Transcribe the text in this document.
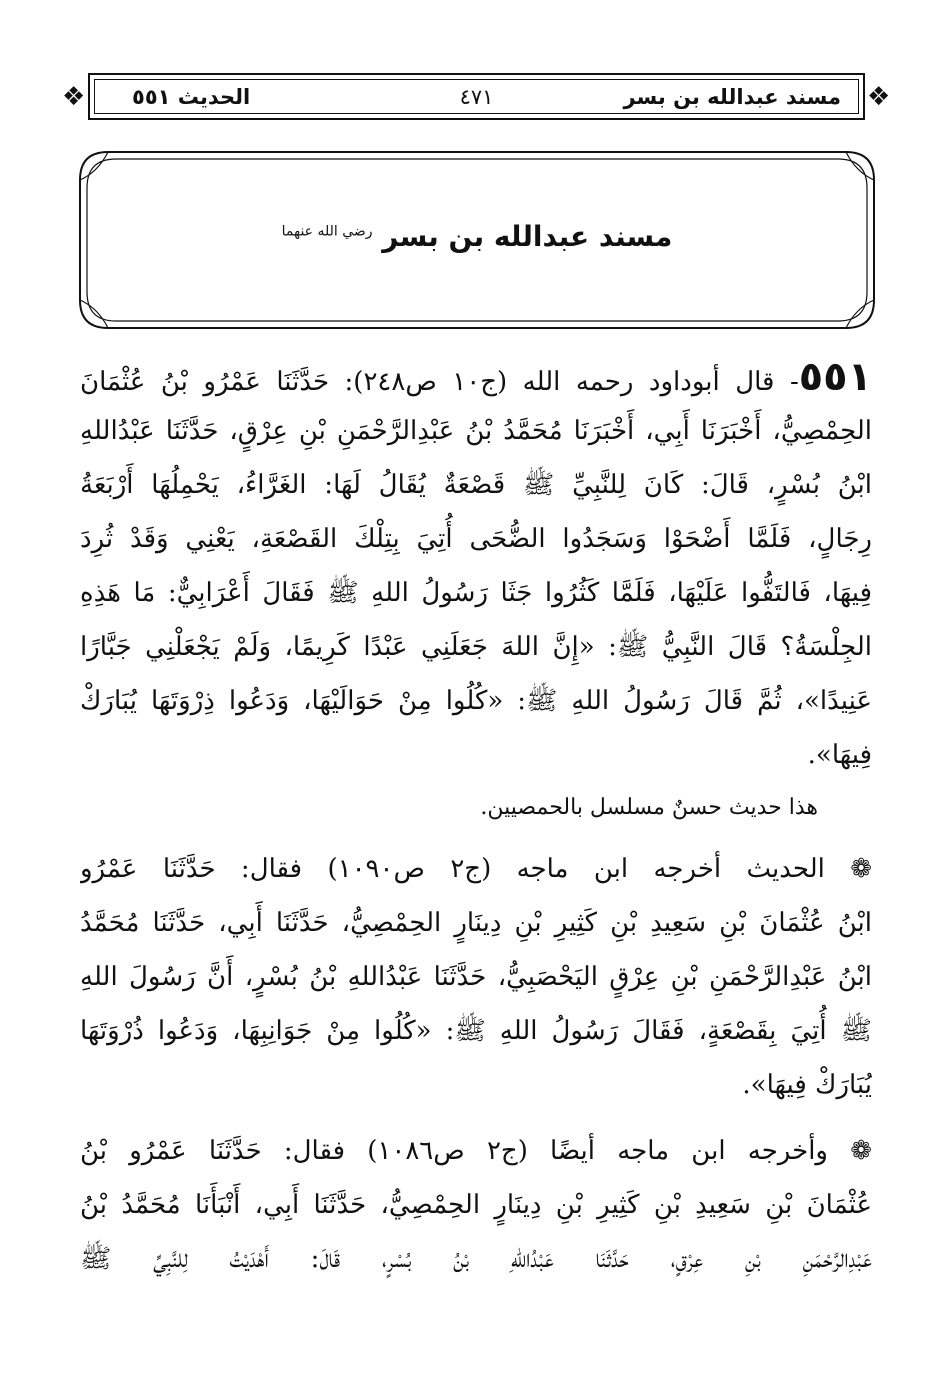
❖	❖
مسند عبدالله بن بسر
٤٧١
الحديث ٥٥١
مسند عبدالله بن بسر $^{رضي الله عنهما}$
٥٥١- قال أبوداود رحمه الله (ج١٠ ص٢٤٨): حَدَّثَنَا عَمْرُو بْنُ عُثْمَانَ
الحِمْصِيُّ، أَخْبَرَنَا أَبِي، أَخْبَرَنَا مُحَمَّدُ بْنُ عَبْدِالرَّحْمَنِ بْنِ عِرْقٍ، حَدَّثَنَا عَبْدُاللهِ
ابْنُ بُسْرٍ، قَالَ: كَانَ لِلنَّبِيِّ ﷺ قَصْعَةٌ يُقَالُ لَهَا: الغَرَّاءُ، يَحْمِلُهَا أَرْبَعَةُ
رِجَالٍ، فَلَمَّا أَضْحَوْا وَسَجَدُوا الضُّحَى أُتِيَ بِتِلْكَ القَصْعَةِ، يَعْنِي وَقَدْ ثُرِدَ
فِيهَا، فَالتَفُّوا عَلَيْهَا، فَلَمَّا كَثُرُوا جَثَا رَسُولُ اللهِ ﷺ فَقَالَ أَعْرَابِيٌّ: مَا هَذِهِ
الجِلْسَةُ؟ قَالَ النَّبِيُّ ﷺ: «إِنَّ اللهَ جَعَلَنِي عَبْدًا كَرِيمًا، وَلَمْ يَجْعَلْنِي جَبَّارًا
عَنِيدًا»، ثُمَّ قَالَ رَسُولُ اللهِ ﷺ: «كُلُوا مِنْ حَوَالَيْهَا، وَدَعُوا ذِرْوَتَهَا يُبَارَكْ
فِيهَا».
هذا حديث حسنٌ مسلسل بالحمصيين.
❁ الحديث أخرجه ابن ماجه (ج٢ ص١٠٩٠) فقال: حَدَّثَنَا عَمْرُو
ابْنُ عُثْمَانَ بْنِ سَعِيدِ بْنِ كَثِيرِ بْنِ دِينَارٍ الحِمْصِيُّ، حَدَّثَنَا أَبِي، حَدَّثَنَا مُحَمَّدُ
ابْنُ عَبْدِالرَّحْمَنِ بْنِ عِرْقٍ اليَحْصَبِيُّ، حَدَّثَنَا عَبْدُاللهِ بْنُ بُسْرٍ، أَنَّ رَسُولَ اللهِ
ﷺ أُتِيَ بِقَصْعَةٍ، فَقَالَ رَسُولُ اللهِ ﷺ: «كُلُوا مِنْ جَوَانِبِهَا، وَدَعُوا ذُرْوَتَهَا
يُبَارَكْ فِيهَا».
❁ وأخرجه ابن ماجه أيضًا (ج٢ ص١٠٨٦) فقال: حَدَّثَنَا عَمْرُو بْنُ
عُثْمَانَ بْنِ سَعِيدِ بْنِ كَثِيرِ بْنِ دِينَارٍ الحِمْصِيُّ، حَدَّثَنَا أَبِي، أَنْبَأَنَا مُحَمَّدُ بْنُ
عَبْدِالرَّحْمَنِ بْنِ عِرْقٍ، حَدَّثَنَا عَبْدُاللهِ بْنُ بُسْرٍ، قَالَ: أَهْدَيْتُ لِلنَّبِيِّ ﷺ
